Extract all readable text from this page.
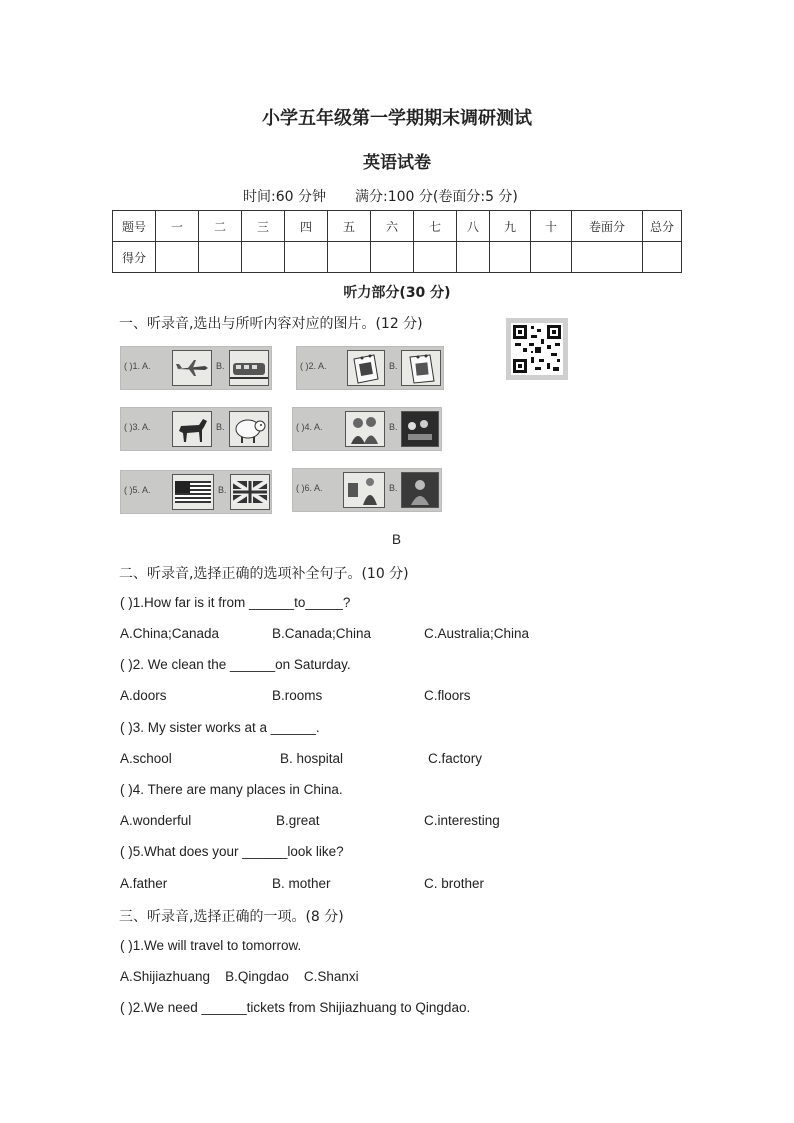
小学五年级第一学期期末调研测试
英语试卷
时间:60 分钟 满分:100 分(卷面分:5 分)
题号	一	二	三	四	五	六	七	八	九	十	卷面分	总分
得分												
听力部分(30 分)
一、听录音,选出与所听内容对应的图片。(12 分)
( )1. A.	B.	( )2. A.	B.
( )3. A.	B.	( )4. A.	B.
( )5. A.	B.	( )6. A.	B.
B
二、听录音,选择正确的选项补全句子。(10 分)
( )1.How far is it from ______to_____?
A.China;Canada	B.Canada;China	C.Australia;China
( )2. We clean the ______on Saturday.
A.doors	B.rooms	C.floors
( )3. My sister works at a ______.
A.school	B. hospital	C.factory
( )4. There are many places in China.
A.wonderful	B.great	C.interesting
( )5.What does your ______look like?
A.father	B. mother	C. brother
三、听录音,选择正确的一项。(8 分)
( )1.We will travel to tomorrow.
A.Shijiazhuang    B.Qingdao    C.Shanxi
( )2.We need ______tickets from Shijiazhuang to Qingdao.
